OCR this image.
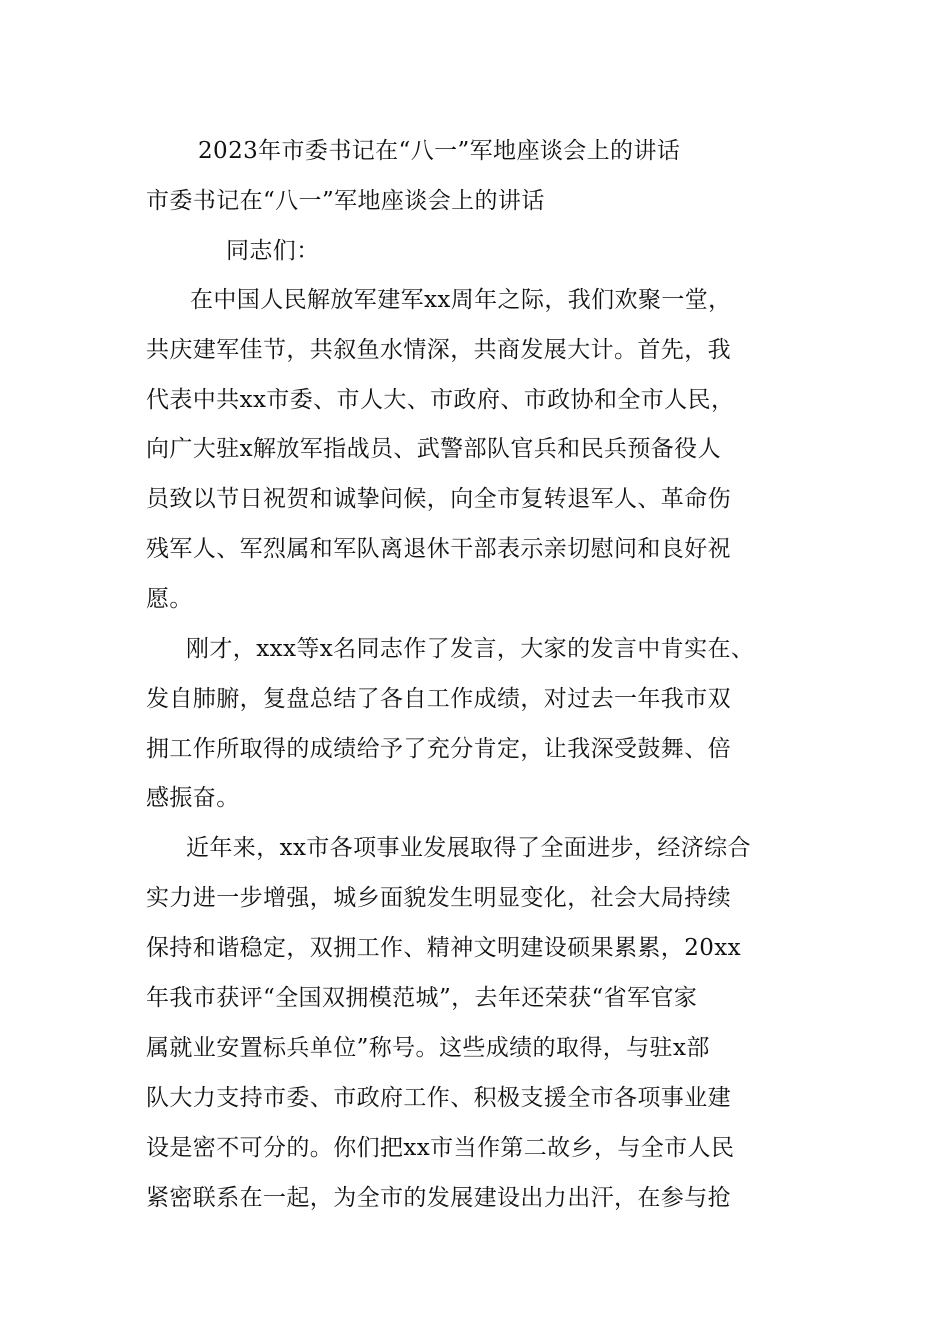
2023年市委书记在“八一”军地座谈会上的讲话
市委书记在“八一”军地座谈会上的讲话
同志们：
在中国人民解放军建军xx周年之际，我们欢聚一堂，
共庆建军佳节，共叙鱼水情深，共商发展大计。首先，我
代表中共xx市委、市人大、市政府、市政协和全市人民，
向广大驻x解放军指战员、武警部队官兵和民兵预备役人
员致以节日祝贺和诚挚问候，向全市复转退军人、革命伤
残军人、军烈属和军队离退休干部表示亲切慰问和良好祝
愿。
刚才，xxx等x名同志作了发言，大家的发言中肯实在、
发自肺腑，复盘总结了各自工作成绩，对过去一年我市双
拥工作所取得的成绩给予了充分肯定，让我深受鼓舞、倍
感振奋。
近年来，xx市各项事业发展取得了全面进步，经济综合
实力进一步增强，城乡面貌发生明显变化，社会大局持续
保持和谐稳定，双拥工作、精神文明建设硕果累累，20xx
年我市获评“全国双拥模范城”，去年还荣获“省军官家
属就业安置标兵单位”称号。这些成绩的取得，与驻x部
队大力支持市委、市政府工作、积极支援全市各项事业建
设是密不可分的。你们把xx市当作第二故乡，与全市人民
紧密联系在一起，为全市的发展建设出力出汗，在参与抢
